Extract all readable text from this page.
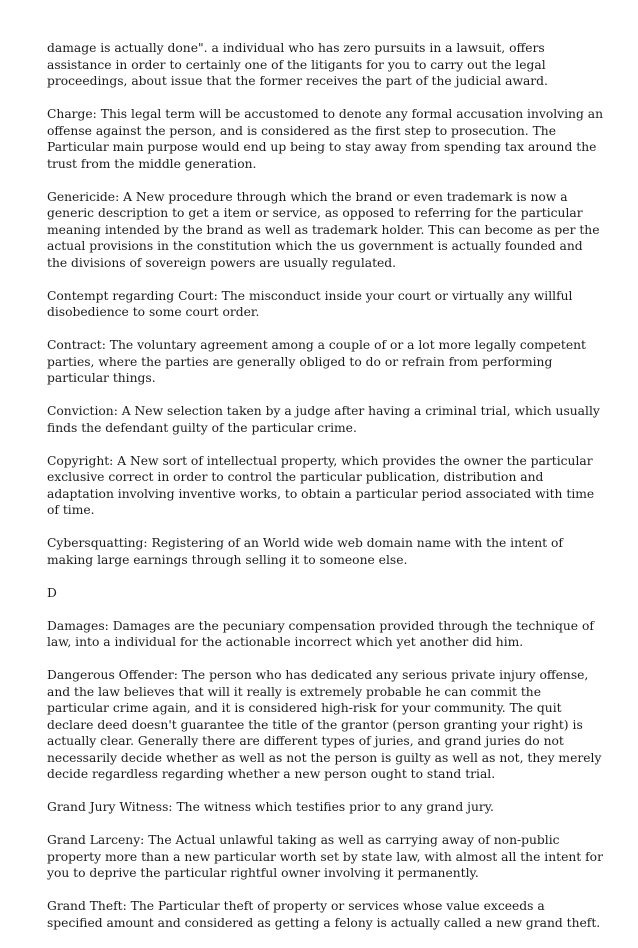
damage is actually done". a individual who has zero pursuits in a lawsuit, offers assistance in order to certainly one of the litigants for you to carry out the legal proceedings, about issue that the former receives the part of the judicial award.

Charge: This legal term will be accustomed to denote any formal accusation involving an offense against the person, and is considered as the first step to prosecution. The Particular main purpose would end up being to stay away from spending tax around the trust from the middle generation.

Genericide: A New procedure through which the brand or even trademark is now a generic description to get a item or service, as opposed to referring for the particular meaning intended by the brand as well as trademark holder. This can become as per the actual provisions in the constitution which the us government is actually founded and the divisions of sovereign powers are usually regulated.

Contempt regarding Court: The misconduct inside your court or virtually any willful disobedience to some court order.

Contract: The voluntary agreement among a couple of or a lot more legally competent parties, where the parties are generally obliged to do or refrain from performing particular things.

Conviction: A New selection taken by a judge after having a criminal trial, which usually finds the defendant guilty of the particular crime.

Copyright: A New sort of intellectual property, which provides the owner the particular exclusive correct in order to control the particular publication, distribution and adaptation involving inventive works, to obtain a particular period associated with time of time.

Cybersquatting: Registering of an World wide web domain name with the intent of making large earnings through selling it to someone else.

D

Damages: Damages are the pecuniary compensation provided through the technique of law, into a individual for the actionable incorrect which yet another did him.

Dangerous Offender: The person who has dedicated any serious private injury offense, and the law believes that will it really is extremely probable he can commit the particular crime again, and it is considered high-risk for your community. The quit declare deed doesn't guarantee the title of the grantor (person granting your right) is actually clear. Generally there are different types of juries, and grand juries do not necessarily decide whether as well as not the person is guilty as well as not, they merely decide regardless regarding whether a new person ought to stand trial.

Grand Jury Witness: The witness which testifies prior to any grand jury.

Grand Larceny: The Actual unlawful taking as well as carrying away of non-public property more than a new particular worth set by state law, with almost all the intent for you to deprive the particular rightful owner involving it permanently.

Grand Theft: The Particular theft of property or services whose value exceeds a specified amount and considered as getting a felony is actually called a new grand theft.
